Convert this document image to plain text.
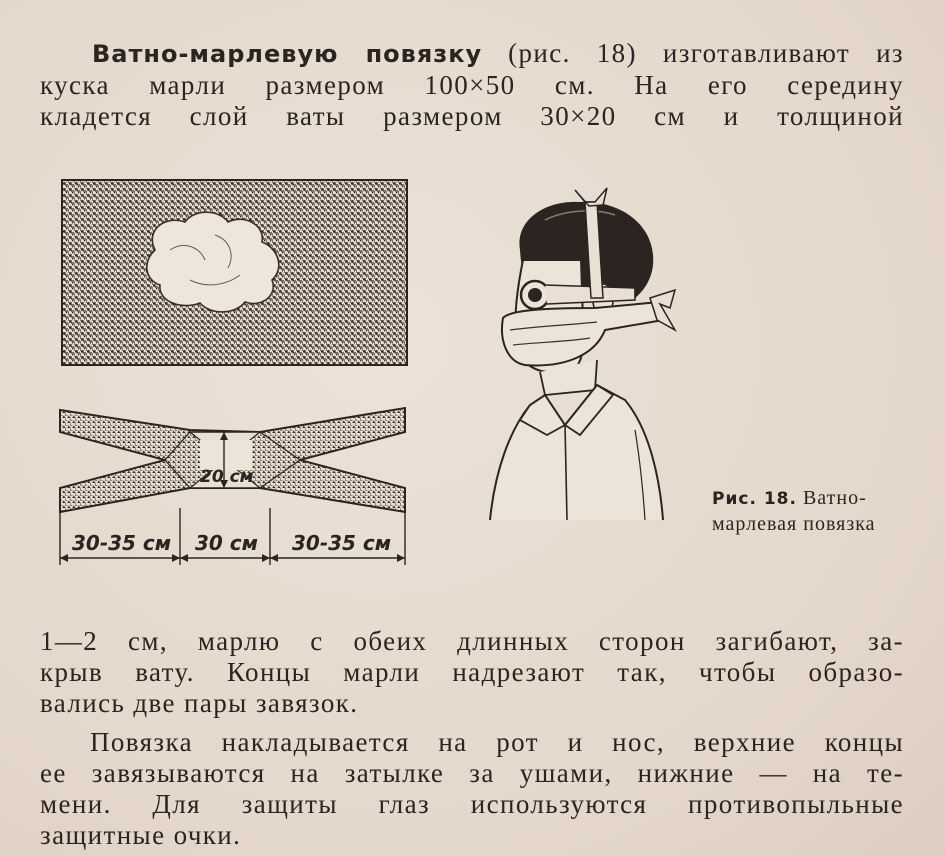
Ватно-марлевую повязку (рис. 18) изготавливают из
куска марли размером 100×50 см. На его середину
кладется слой ваты размером 30×20 см и толщиной
20 см
30-35 см 30 см 30-35 см
Рис. 18. Ватно-марлевая повязка
1—2 см, марлю с обеих длинных сторон загибают, за-
крыв вату. Концы марли надрезают так, чтобы образо-
вались две пары завязок.
Повязка накладывается на рот и нос, верхние концы
ее завязываются на затылке за ушами, нижние — на те-
мени. Для защиты глаз используются противопыльные
защитные очки.
